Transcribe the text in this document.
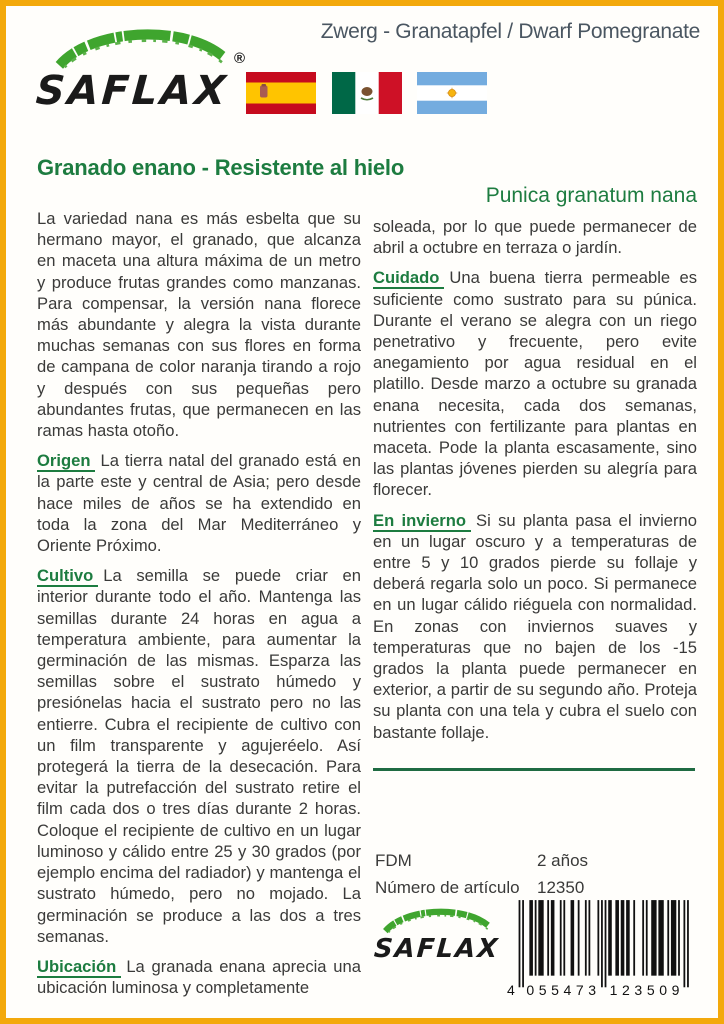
Zwerg - Granatapfel / Dwarf Pomegranate
SAFLAX
®
Granado enano - Resistente al hielo
Punica granatum nana

La variedad nana es más esbelta que su hermano mayor, el granado, que alcanza en maceta una altura máxima de un metro y produce frutas grandes como manzanas. Para compensar, la versión nana florece más abundante y alegra la vista durante muchas semanas con sus flores en forma de campana de color naranja tirando a rojo y después con sus pequeñas pero abundantes frutas, que permanecen en las ramas hasta otoño.

Origen La tierra natal del granado está en la parte este y central de Asia; pero desde hace miles de años se ha extendido en toda la zona del Mar Mediterráneo y Oriente Próximo.

Cultivo La semilla se puede criar en interior durante todo el año. Mantenga las semillas durante 24 horas en agua a temperatura ambiente, para aumentar la germinación de las mismas. Esparza las semillas sobre el sustrato húmedo y presiónelas hacia el sustrato pero no las entierre. Cubra el recipiente de cultivo con un film transparente y agujeréelo. Así protegerá la tierra de la desecación. Para evitar la putrefacción del sustrato retire el film cada dos o tres días durante 2 horas. Coloque el recipiente de cultivo en un lugar luminoso y cálido entre 25 y 30 grados (por ejemplo encima del radiador) y mantenga el sustrato húmedo, pero no mojado. La germinación se produce a las dos a tres semanas.

Ubicación La granada enana aprecia una ubicación luminosa y completamente

soleada, por lo que puede permanecer de abril a octubre en terraza o jardín.

Cuidado Una buena tierra permeable es suficiente como sustrato para su púnica. Durante el verano se alegra con un riego penetrativo y frecuente, pero evite anegamiento por agua residual en el platillo. Desde marzo a octubre su granada enana necesita, cada dos semanas, nutrientes con fertilizante para plantas en maceta. Pode la planta escasamente, sino las plantas jóvenes pierden su alegría para florecer.

En invierno Si su planta pasa el invierno en un lugar oscuro y a temperaturas de entre 5 y 10 grados pierde su follaje y deberá regarla solo un poco. Si permanece en un lugar cálido riéguela con normalidad. En zonas con inviernos suaves y temperaturas que no bajen de los -15 grados la planta puede permanecer en exterior, a partir de su segundo año. Proteja su planta con una tela y cubra el suelo con bastante follaje.

FDM	2 años
Número de artículo	12350
SAFLAX
4 055473 123509
